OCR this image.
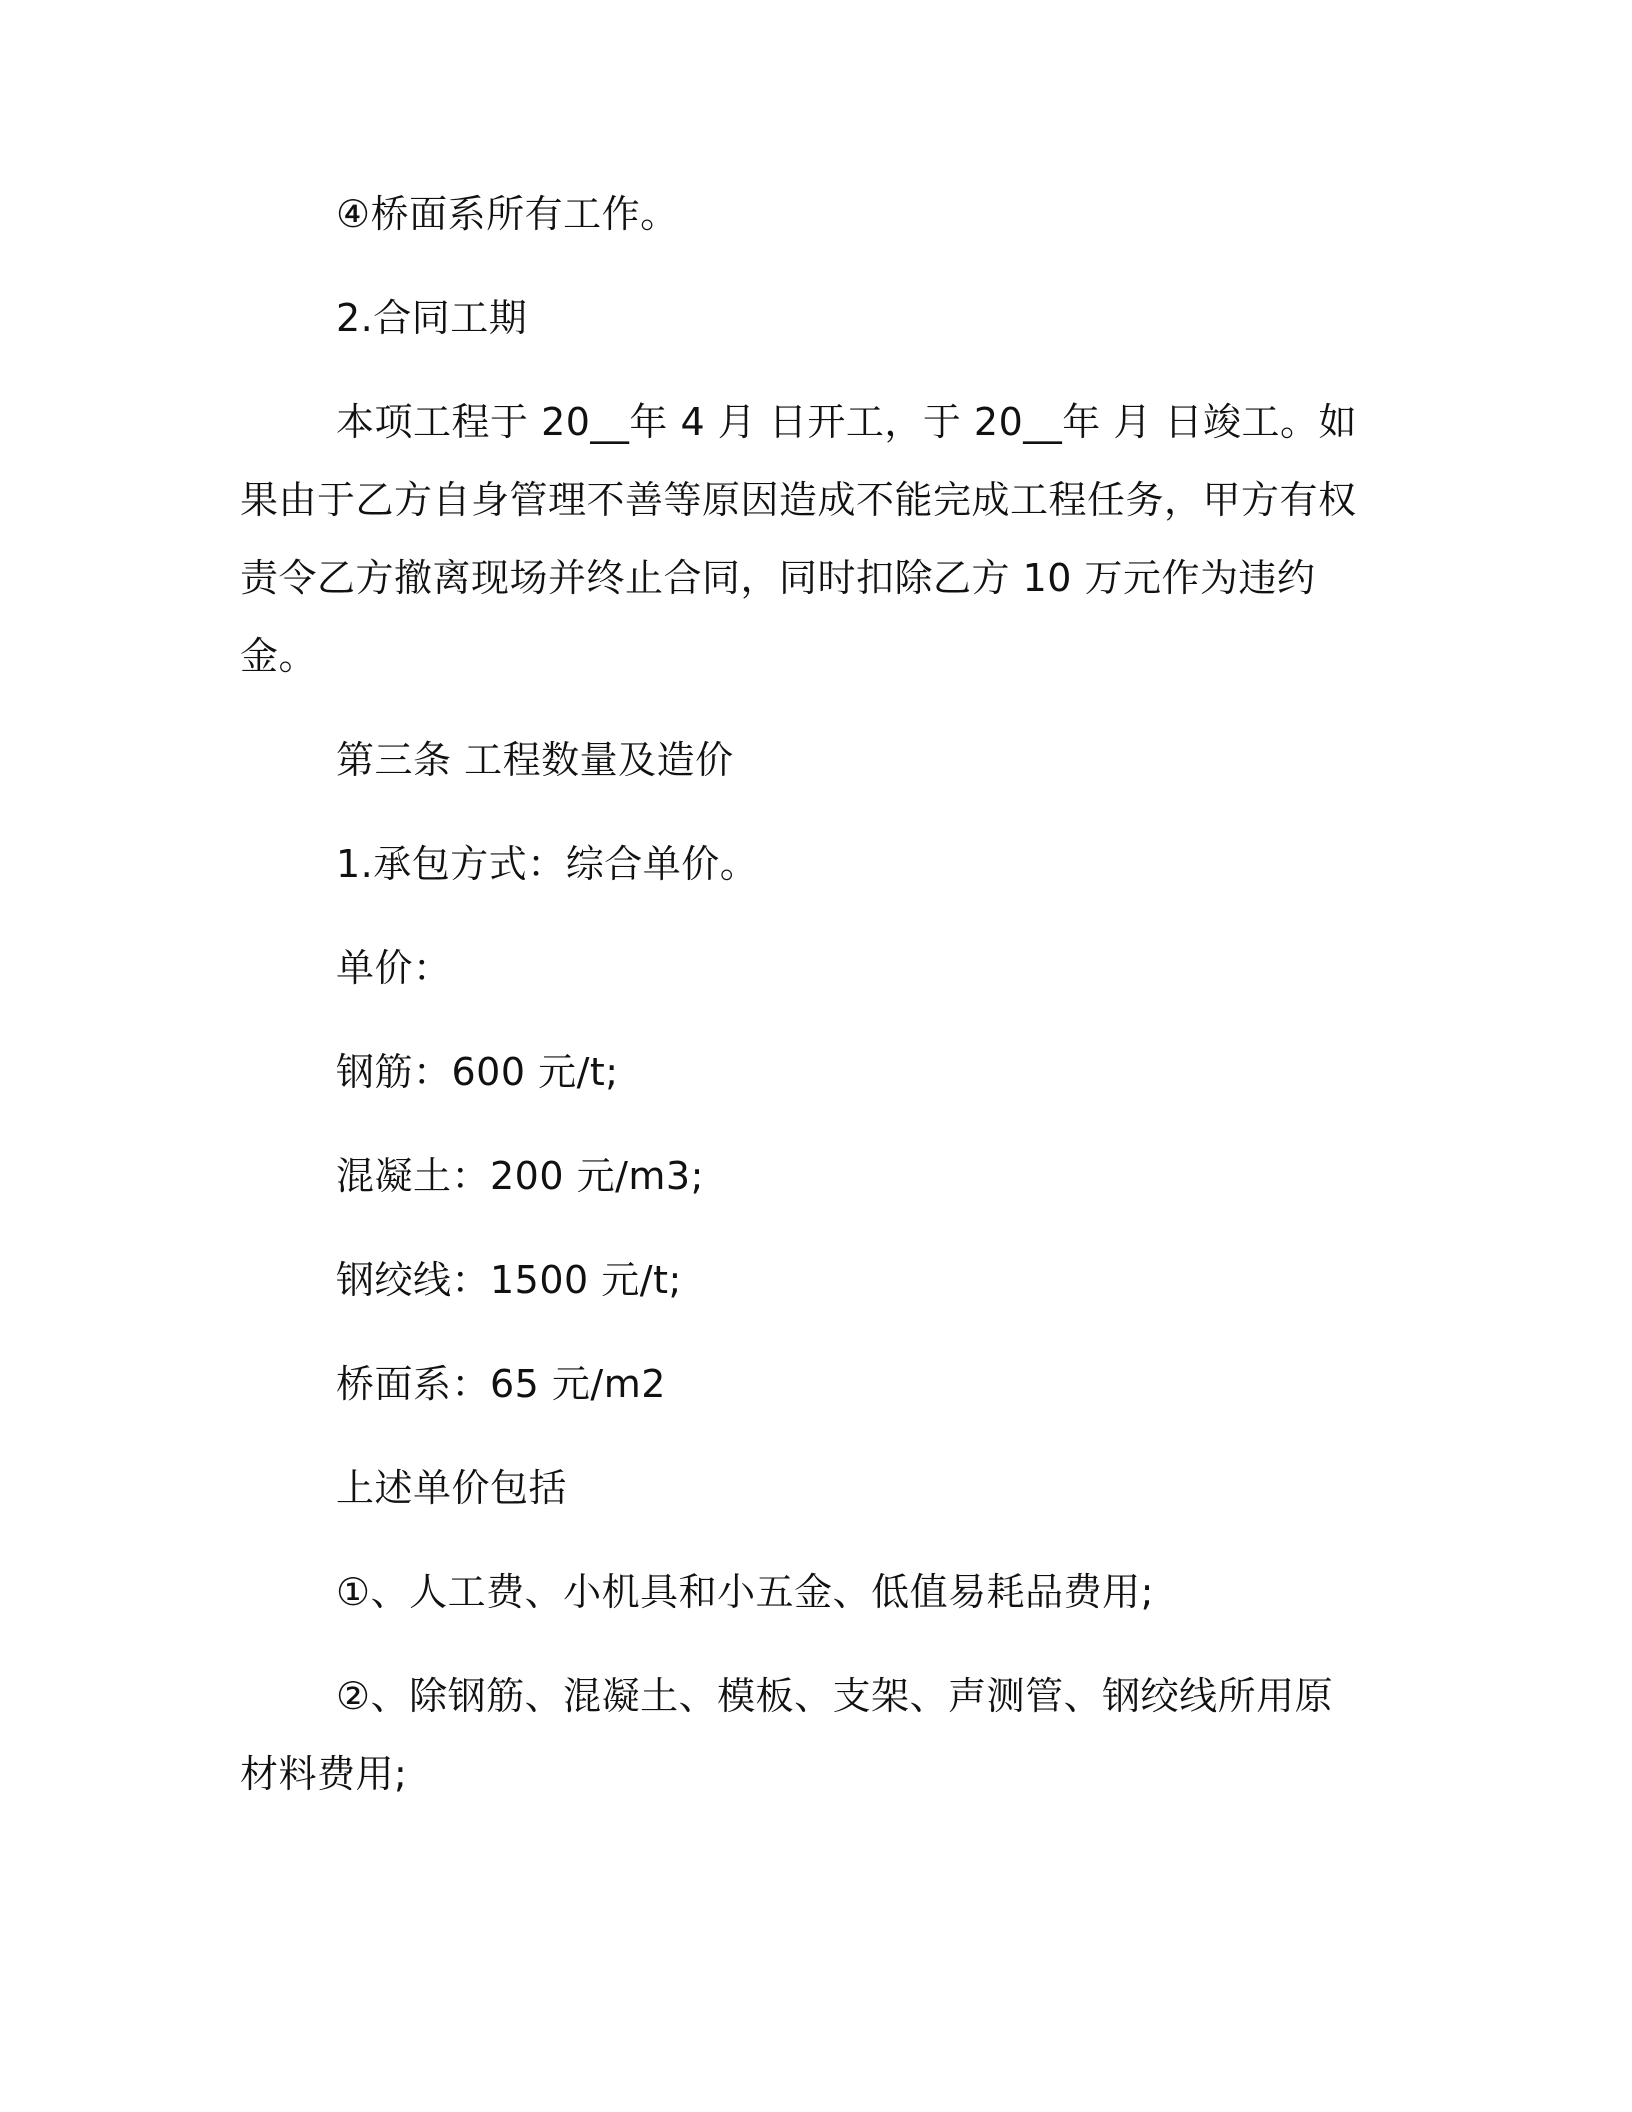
④桥面系所有工作。

2.合同工期

本项工程于 20__年 4 月 日开工，于 20__年 月 日竣工。如果由于乙方自身管理不善等原因造成不能完成工程任务，甲方有权责令乙方撤离现场并终止合同，同时扣除乙方 10 万元作为违约金。

第三条 工程数量及造价

1.承包方式：综合单价。

单价：

钢筋：600 元/t;

混凝土：200 元/m3;

钢绞线：1500 元/t;

桥面系：65 元/m2

上述单价包括

①、人工费、小机具和小五金、低值易耗品费用;

②、除钢筋、混凝土、模板、支架、声测管、钢绞线所用原材料费用;
